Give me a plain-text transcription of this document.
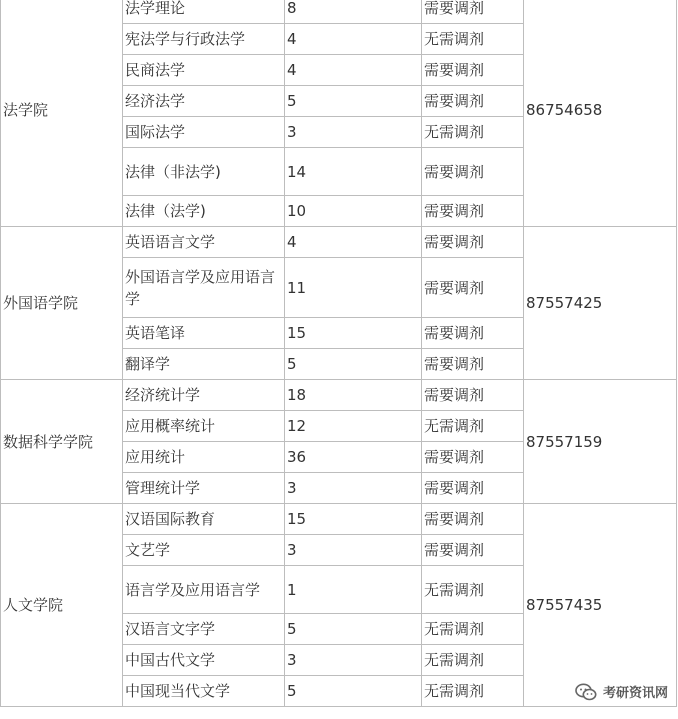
法学院	法学理论	8	需要调剂	86754658
	宪法学与行政法学	4	无需调剂	
	民商法学	4	需要调剂	
	经济法学	5	需要调剂	
	国际法学	3	无需调剂	
	法律（非法学)	14	需要调剂	
	法律（法学)	10	需要调剂	
外国语学院	英语语言文学	4	需要调剂	87557425
	外国语言学及应用语言学	11	需要调剂	
	英语笔译	15	需要调剂	
	翻译学	5	需要调剂	
数据科学学院	经济统计学	18	需要调剂	87557159
	应用概率统计	12	无需调剂	
	应用统计	36	需要调剂	
	管理统计学	3	需要调剂	
人文学院	汉语国际教育	15	需要调剂	87557435
	文艺学	3	需要调剂	
	语言学及应用语言学	1	无需调剂	
	汉语言文字学	5	无需调剂	
	中国古代文学	3	无需调剂	
	中国现当代文学	5	无需调剂		考研资讯网
